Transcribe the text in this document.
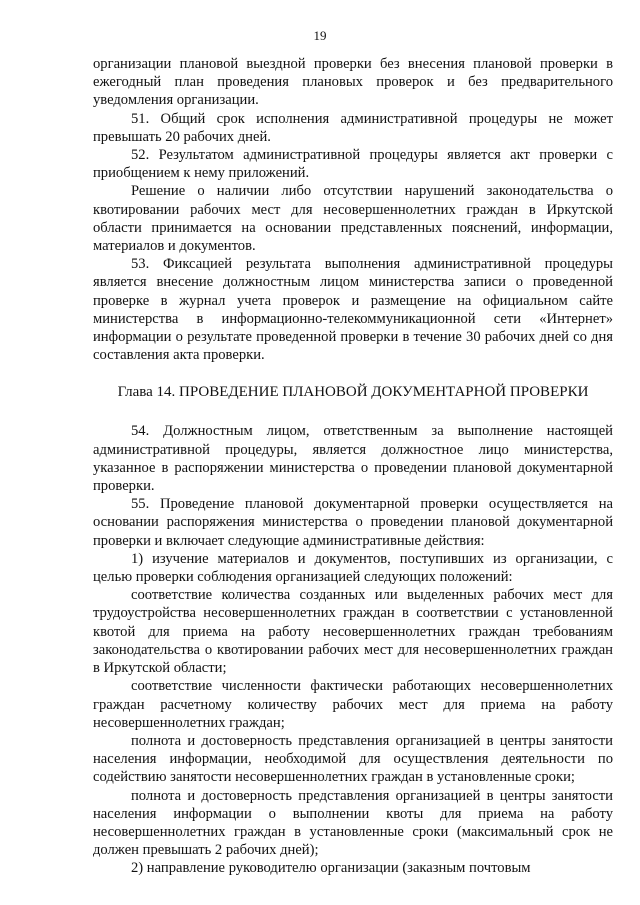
19

организации плановой выездной проверки без внесения плановой проверки в ежегодный план проведения плановых проверок и без предварительного уведомления организации.

51. Общий срок исполнения административной процедуры не может превышать 20 рабочих дней.

52. Результатом административной процедуры является акт проверки с приобщением к нему приложений.

Решение о наличии либо отсутствии нарушений законодательства о квотировании рабочих мест для несовершеннолетних граждан в Иркутской области принимается на основании представленных пояснений, информации, материалов и документов.

53. Фиксацией результата выполнения административной процедуры является внесение должностным лицом министерства записи о проведенной проверке в журнал учета проверок и размещение на официальном сайте министерства в информационно-телекоммуникационной сети «Интернет» информации о результате проведенной проверки в течение 30 рабочих дней со дня составления акта проверки.

Глава 14. ПРОВЕДЕНИЕ ПЛАНОВОЙ ДОКУМЕНТАРНОЙ ПРОВЕРКИ

54. Должностным лицом, ответственным за выполнение настоящей административной процедуры, является должностное лицо министерства, указанное в распоряжении министерства о проведении плановой документарной проверки.

55. Проведение плановой документарной проверки осуществляется на основании распоряжения министерства о проведении плановой документарной проверки и включает следующие административные действия:

1) изучение материалов и документов, поступивших из организации, с целью проверки соблюдения организацией следующих положений:

соответствие количества созданных или выделенных рабочих мест для трудоустройства несовершеннолетних граждан в соответствии с установленной квотой для приема на работу несовершеннолетних граждан требованиям законодательства о квотировании рабочих мест для несовершеннолетних граждан в Иркутской области;

соответствие численности фактически работающих несовершеннолетних граждан расчетному количеству рабочих мест для приема на работу несовершеннолетних граждан;

полнота и достоверность представления организацией в центры занятости населения информации, необходимой для осуществления деятельности по содействию занятости несовершеннолетних граждан в установленные сроки;

полнота и достоверность представления организацией в центры занятости населения информации о выполнении квоты для приема на работу несовершеннолетних граждан в установленные сроки (максимальный срок не должен превышать 2 рабочих дней);

2) направление руководителю организации (заказным почтовым
